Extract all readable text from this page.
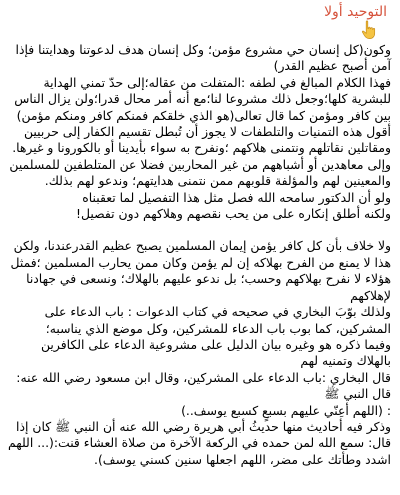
التوحيد أولا

وكون(كل إنسان حي مشروع مؤمن؛ وكل إنسان هدف لدعوتنا وهدايتنا فإذا آمن أصبح عظيم القدر)
فهذا الكلام المبالغ في لطفه :المتفلت من عقاله؛إلى حدّ تمني الهداية للبشرية كلها؛وجعل ذلك مشروعا لنا؛مع أنه أمر محال قدرا؛ولن يزال الناس بين كافر ومؤمن كما قال تعالى(هو الذي خلقكم فمنكم كافر ومنكم مؤمن)
أقول هذه التمنيات والتلطفات لا يجوز أن تُبطل تقسيم الكفار إلى حربيين ومقاتلين نقاتلهم ونتمنى هلاكهم ؛ونفرح به سواء بأيدينا أو بالكورونا و غيرها.
وإلى معاهدين أو أشباههم من غير المحاربين فضلا عن المتلطفين للمسلمين والمعينين لهم والمؤلفة قلوبهم ممن نتمنى هدايتهم؛ وندعو لهم بذلك.
ولو أن الدكتور سامحه الله فصل مثل هذا التفصيل لما تعقبناه
ولكنه أطلق إنكاره على من يحب نقصهم وهلاكهم دون تفصيل!

ولا خلاف بأن كل كافر يؤمن إيمان المسلمين يصبح عظيم القدرعندنا، ولكن هذا لا يمنع من الفرح بهلاكه إن لم يؤمن وكان ممن يحارب المسلمين ؛فمثل هؤلاء لا نفرح بهلاكهم وحسب؛ بل ندعو عليهم بالهلاك؛ ونسعى في جهادنا لإهلاكهم
ولذلك بوّبَ البخاري في صحيحه في كتاب الدعوات : باب الدعاء على المشركين، كما بوب باب الدعاء للمشركين، وكل موضع الذي يناسبه؛
وفيما ذكره هو وغيره بيان الدليل على مشروعية الدعاء على الكافرين بالهلاك وتمنيه لهم
قال البخاري :باب الدعاء على المشركين، وقال ابن مسعود رضي الله عنه: قال النبي ﷺ
: (اللهم أعِنّي عليهم بسبعٍ كسبع يوسف..)
وذكر فيه أحاديث منها حديثُ أبي هريرة رضي الله عنه أن النبي ﷺ كان إذا قال: سمع الله لمن حمده في الركعة الآخرة من صلاة العشاء قنت:(... اللهم اشدد وطأتك على مضر، اللهم اجعلها سنين كسني يوسف).
